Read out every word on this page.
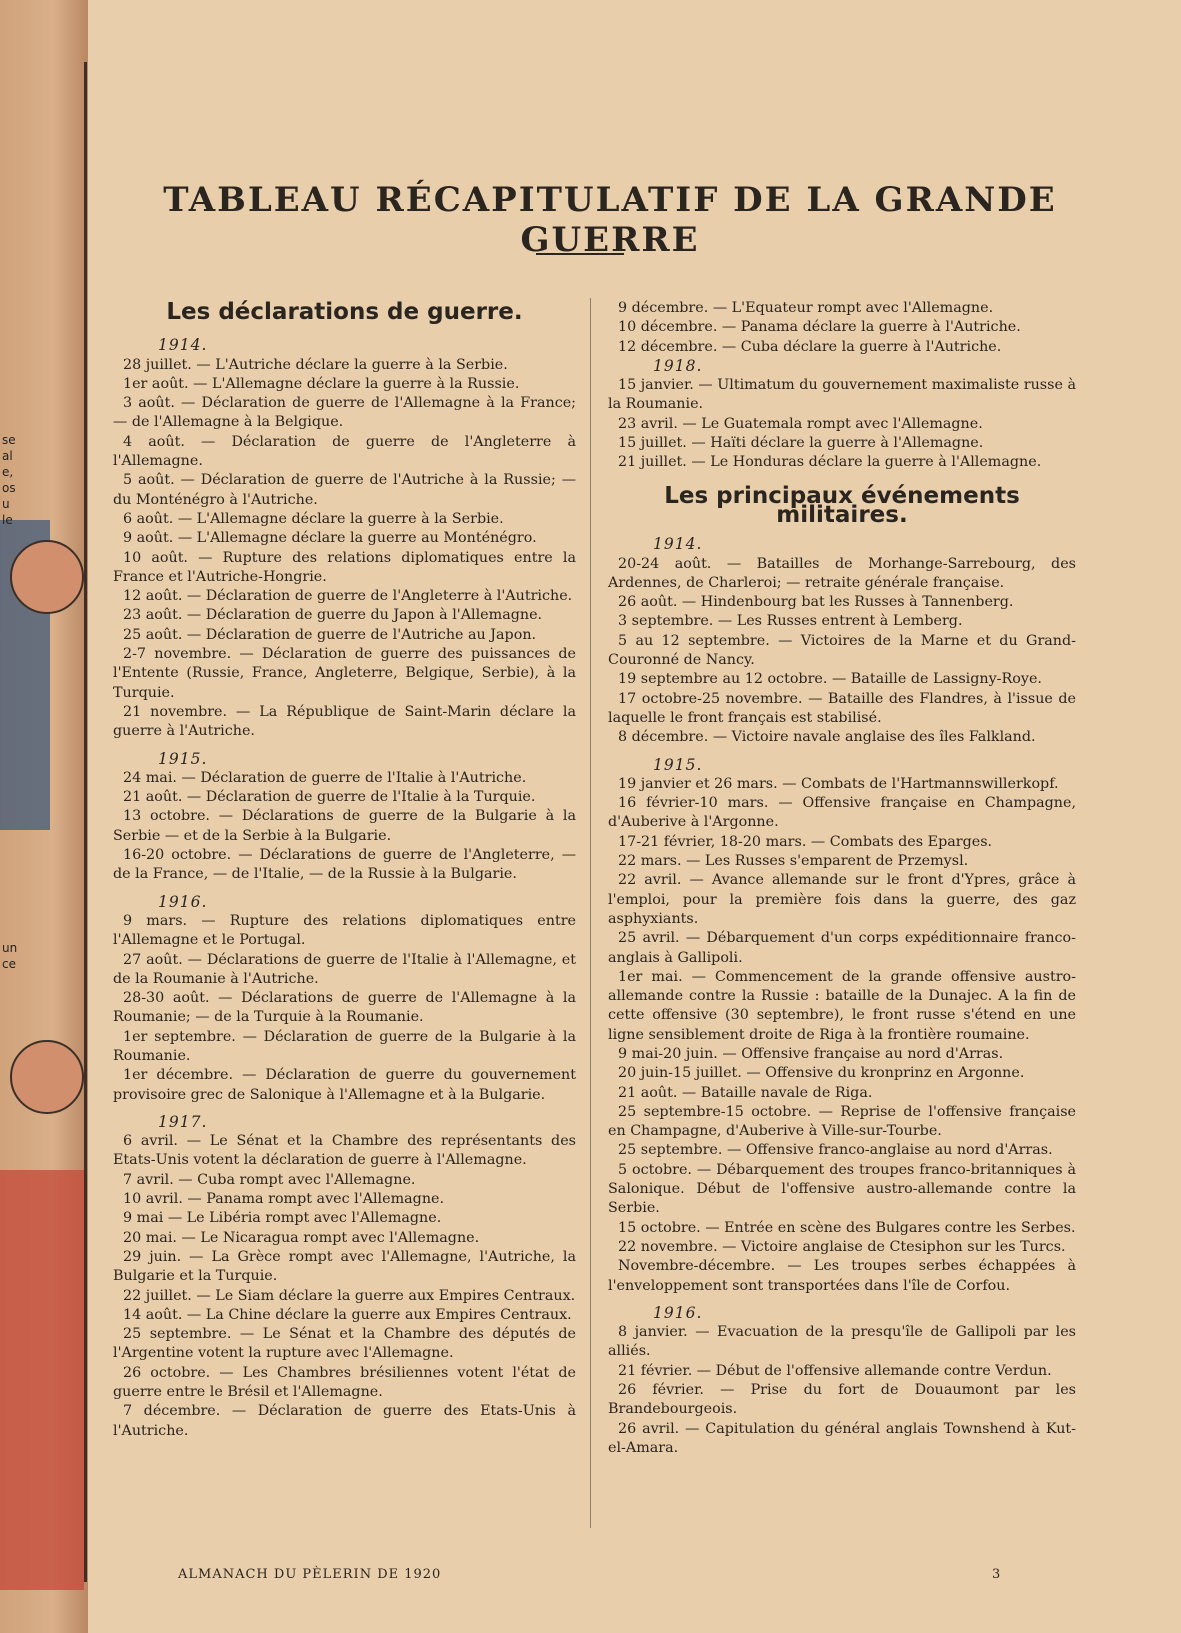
se
al
e,
os
u
le
un
ce
TABLEAU RÉCAPITULATIF DE LA GRANDE GUERRE
Les déclarations de guerre.

1914.

28 juillet. — L'Autriche déclare la guerre à la Serbie.

1er août. — L'Allemagne déclare la guerre à la Russie.

3 août. — Déclaration de guerre de l'Allemagne à la France; — de l'Allemagne à la Belgique.

4 août. — Déclaration de guerre de l'Angleterre à l'Allemagne.

5 août. — Déclaration de guerre de l'Autriche à la Russie; — du Monténégro à l'Autriche.

6 août. — L'Allemagne déclare la guerre à la Serbie.

9 août. — L'Allemagne déclare la guerre au Monténégro.

10 août. — Rupture des relations diplomatiques entre la France et l'Autriche-Hongrie.

12 août. — Déclaration de guerre de l'Angleterre à l'Autriche.

23 août. — Déclaration de guerre du Japon à l'Allemagne.

25 août. — Déclaration de guerre de l'Autriche au Japon.

2-7 novembre. — Déclaration de guerre des puissances de l'Entente (Russie, France, Angleterre, Belgique, Serbie), à la Turquie.

21 novembre. — La République de Saint-Marin déclare la guerre à l'Autriche.

1915.

24 mai. — Déclaration de guerre de l'Italie à l'Autriche.

21 août. — Déclaration de guerre de l'Italie à la Turquie.

13 octobre. — Déclarations de guerre de la Bulgarie à la Serbie — et de la Serbie à la Bulgarie.

16-20 octobre. — Déclarations de guerre de l'Angleterre, — de la France, — de l'Italie, — de la Russie à la Bulgarie.

1916.

9 mars. — Rupture des relations diplomatiques entre l'Allemagne et le Portugal.

27 août. — Déclarations de guerre de l'Italie à l'Allemagne, et de la Roumanie à l'Autriche.

28-30 août. — Déclarations de guerre de l'Allemagne à la Roumanie; — de la Turquie à la Roumanie.

1er septembre. — Déclaration de guerre de la Bulgarie à la Roumanie.

1er décembre. — Déclaration de guerre du gouvernement provisoire grec de Salonique à l'Allemagne et à la Bulgarie.

1917.

6 avril. — Le Sénat et la Chambre des représentants des Etats-Unis votent la déclaration de guerre à l'Allemagne.

7 avril. — Cuba rompt avec l'Allemagne.

10 avril. — Panama rompt avec l'Allemagne.

9 mai — Le Libéria rompt avec l'Allemagne.

20 mai. — Le Nicaragua rompt avec l'Allemagne.

29 juin. — La Grèce rompt avec l'Allemagne, l'Autriche, la Bulgarie et la Turquie.

22 juillet. — Le Siam déclare la guerre aux Empires Centraux.

14 août. — La Chine déclare la guerre aux Empires Centraux.

25 septembre. — Le Sénat et la Chambre des députés de l'Argentine votent la rupture avec l'Allemagne.

26 octobre. — Les Chambres brésiliennes votent l'état de guerre entre le Brésil et l'Allemagne.

7 décembre. — Déclaration de guerre des Etats-Unis à l'Autriche.

9 décembre. — L'Equateur rompt avec l'Allemagne.

10 décembre. — Panama déclare la guerre à l'Autriche.

12 décembre. — Cuba déclare la guerre à l'Autriche.

1918.

15 janvier. — Ultimatum du gouvernement maximaliste russe à la Roumanie.

23 avril. — Le Guatemala rompt avec l'Allemagne.

15 juillet. — Haïti déclare la guerre à l'Allemagne.

21 juillet. — Le Honduras déclare la guerre à l'Allemagne.

Les principaux événements militaires.

1914.

20-24 août. — Batailles de Morhange-Sarrebourg, des Ardennes, de Charleroi; — retraite générale française.

26 août. — Hindenbourg bat les Russes à Tannenberg.

3 septembre. — Les Russes entrent à Lemberg.

5 au 12 septembre. — Victoires de la Marne et du Grand-Couronné de Nancy.

19 septembre au 12 octobre. — Bataille de Lassigny-Roye.

17 octobre-25 novembre. — Bataille des Flandres, à l'issue de laquelle le front français est stabilisé.

8 décembre. — Victoire navale anglaise des îles Falkland.

1915.

19 janvier et 26 mars. — Combats de l'Hartmannswillerkopf.

16 février-10 mars. — Offensive française en Champagne, d'Auberive à l'Argonne.

17-21 février, 18-20 mars. — Combats des Eparges.

22 mars. — Les Russes s'emparent de Przemysl.

22 avril. — Avance allemande sur le front d'Ypres, grâce à l'emploi, pour la première fois dans la guerre, des gaz asphyxiants.

25 avril. — Débarquement d'un corps expéditionnaire franco-anglais à Gallipoli.

1er mai. — Commencement de la grande offensive austro-allemande contre la Russie : bataille de la Dunajec. A la fin de cette offensive (30 septembre), le front russe s'étend en une ligne sensiblement droite de Riga à la frontière roumaine.

9 mai-20 juin. — Offensive française au nord d'Arras.

20 juin-15 juillet. — Offensive du kronprinz en Argonne.

21 août. — Bataille navale de Riga.

25 septembre-15 octobre. — Reprise de l'offensive française en Champagne, d'Auberive à Ville-sur-Tourbe.

25 septembre. — Offensive franco-anglaise au nord d'Arras.

5 octobre. — Débarquement des troupes franco-britanniques à Salonique. Début de l'offensive austro-allemande contre la Serbie.

15 octobre. — Entrée en scène des Bulgares contre les Serbes.

22 novembre. — Victoire anglaise de Ctesiphon sur les Turcs.

Novembre-décembre. — Les troupes serbes échappées à l'enveloppement sont transportées dans l'île de Corfou.

1916.

8 janvier. — Evacuation de la presqu'île de Gallipoli par les alliés.

21 février. — Début de l'offensive allemande contre Verdun.

26 février. — Prise du fort de Douaumont par les Brandebourgeois.

26 avril. — Capitulation du général anglais Townshend à Kut-el-Amara.

ALMANACH DU PÈLERIN DE 1920	3
